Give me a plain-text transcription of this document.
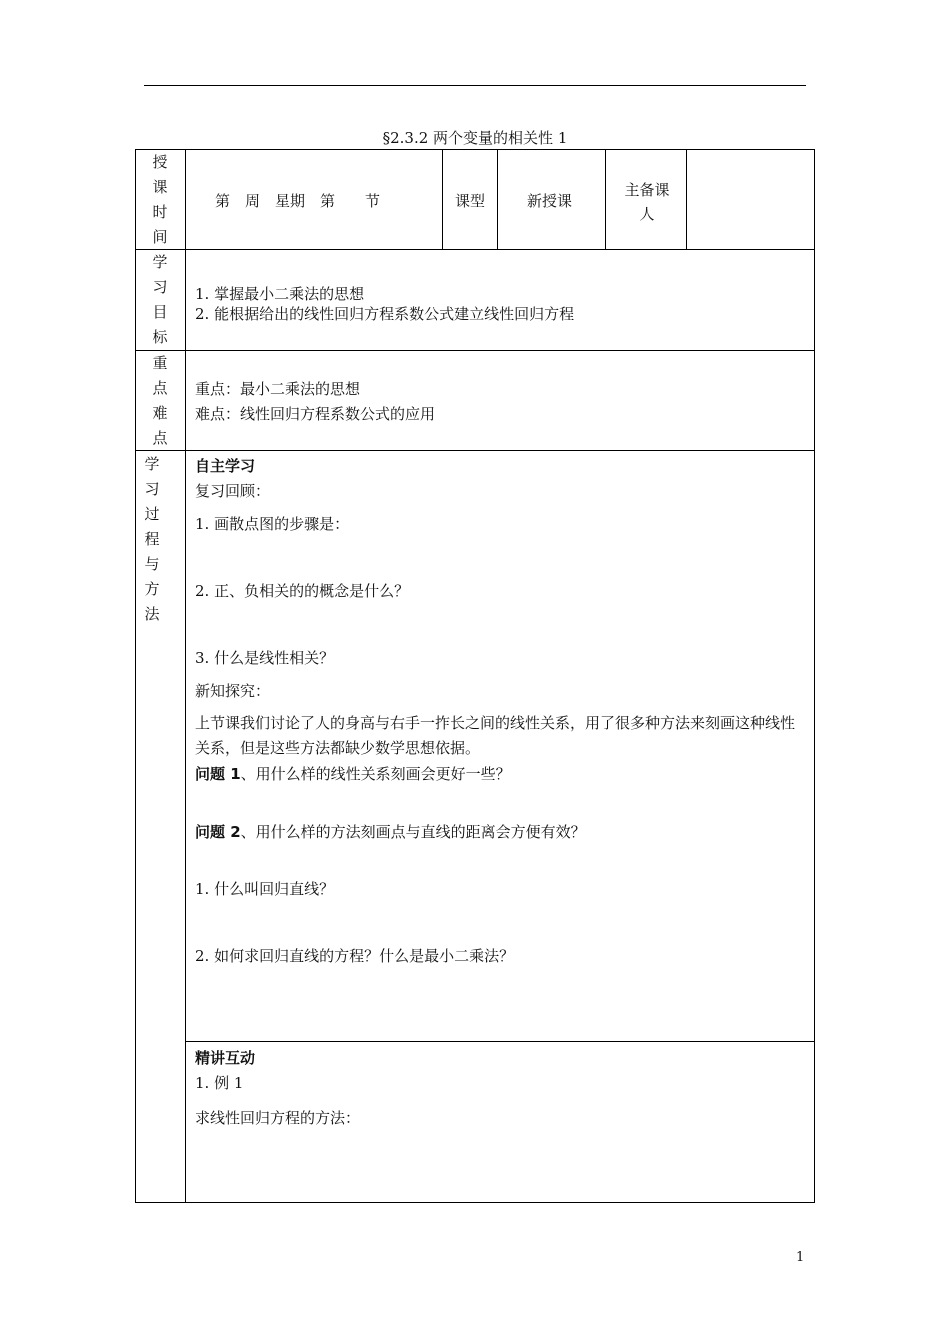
§2.3.2 两个变量的相关性 1
授
课
时
间
第　周　星期　第　　节	课型	新授课
主备课人
学
习
目
标
1. 掌握最小二乘法的思想
2. 能根据给出的线性回归方程系数公式建立线性回归方程
重
点
难
点
重点：最小二乘法的思想
难点：线性回归方程系数公式的应用
学
习
过
程
与
方
法
自主学习
复习回顾：
1. 画散点图的步骤是：
2. 正、负相关的的概念是什么？
3. 什么是线性相关？
新知探究：
上节课我们讨论了人的身高与右手一拃长之间的线性关系，用了很多种方法来刻画这种线性关系，但是这些方法都缺少数学思想依据。
问题 1、用什么样的线性关系刻画会更好一些？
问题 2、用什么样的方法刻画点与直线的距离会方便有效？
1. 什么叫回归直线？
2. 如何求回归直线的方程？什么是最小二乘法？
精讲互动
1. 例 1
求线性回归方程的方法：
1
